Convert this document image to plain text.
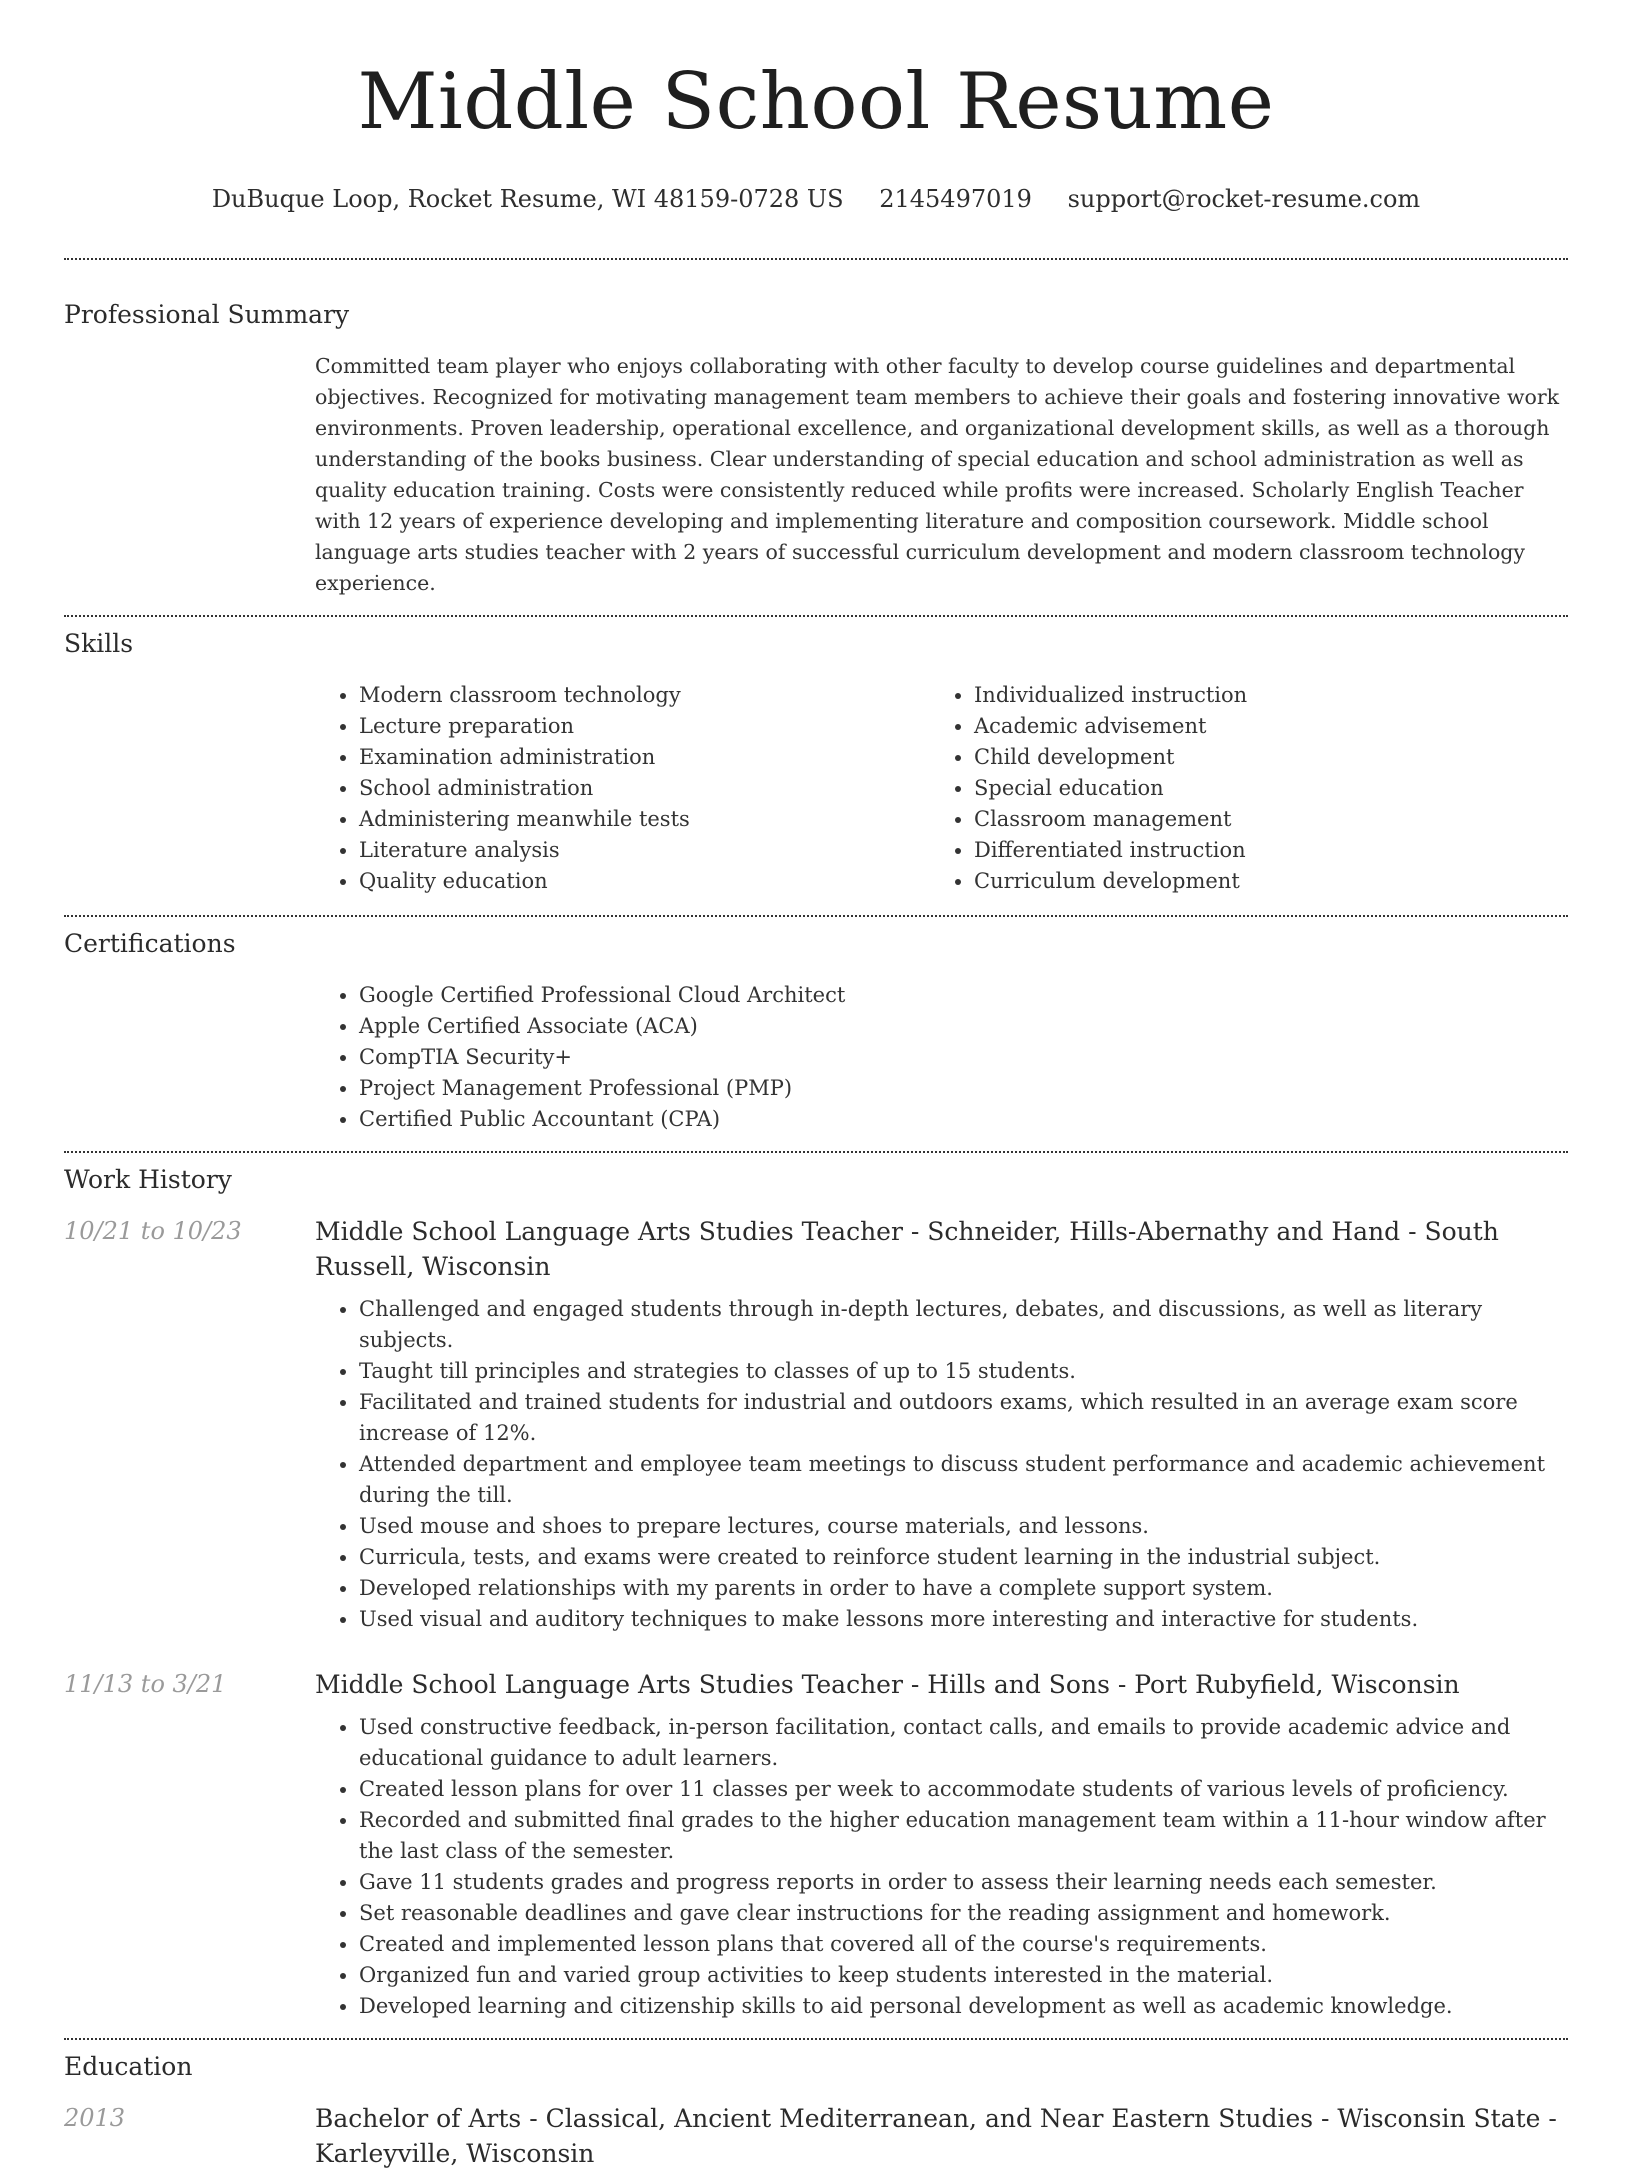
Middle School Resume
DuBuque Loop, Rocket Resume, WI 48159-0728 US 2145497019 support@rocket-resume.com
Professional Summary

Committed team player who enjoys collaborating with other faculty to develop course guidelines and departmental objectives. Recognized for motivating management team members to achieve their goals and fostering innovative work environments. Proven leadership, operational excellence, and organizational development skills, as well as a thorough understanding of the books business. Clear understanding of special education and school administration as well as quality education training. Costs were consistently reduced while profits were increased. Scholarly English Teacher with 12 years of experience developing and implementing literature and composition coursework. Middle school language arts studies teacher with 2 years of successful curriculum development and modern classroom technology experience.

Skills
• Modern classroom technology
• Lecture preparation
• Examination administration
• School administration
• Administering meanwhile tests
• Literature analysis
• Quality education
• Individualized instruction
• Academic advisement
• Child development
• Special education
• Classroom management
• Differentiated instruction
• Curriculum development
Certifications
• Google Certified Professional Cloud Architect
• Apple Certified Associate (ACA)
• CompTIA Security+
• Project Management Professional (PMP)
• Certified Public Accountant (CPA)
Work History
10/21 to 10/23	Middle School Language Arts Studies Teacher - Schneider, Hills-Abernathy and Hand - South Russell, Wisconsin
• Challenged and engaged students through in-depth lectures, debates, and discussions, as well as literary subjects.
• Taught till principles and strategies to classes of up to 15 students.
• Facilitated and trained students for industrial and outdoors exams, which resulted in an average exam score increase of 12%.
• Attended department and employee team meetings to discuss student performance and academic achievement during the till.
• Used mouse and shoes to prepare lectures, course materials, and lessons.
• Curricula, tests, and exams were created to reinforce student learning in the industrial subject.
• Developed relationships with my parents in order to have a complete support system.
• Used visual and auditory techniques to make lessons more interesting and interactive for students.
11/13 to 3/21	Middle School Language Arts Studies Teacher - Hills and Sons - Port Rubyfield, Wisconsin
• Used constructive feedback, in-person facilitation, contact calls, and emails to provide academic advice and educational guidance to adult learners.
• Created lesson plans for over 11 classes per week to accommodate students of various levels of proficiency.
• Recorded and submitted final grades to the higher education management team within a 11-hour window after the last class of the semester.
• Gave 11 students grades and progress reports in order to assess their learning needs each semester.
• Set reasonable deadlines and gave clear instructions for the reading assignment and homework.
• Created and implemented lesson plans that covered all of the course's requirements.
• Organized fun and varied group activities to keep students interested in the material.
• Developed learning and citizenship skills to aid personal development as well as academic knowledge.
Education
2013	Bachelor of Arts - Classical, Ancient Mediterranean, and Near Eastern Studies - Wisconsin State - Karleyville, Wisconsin
